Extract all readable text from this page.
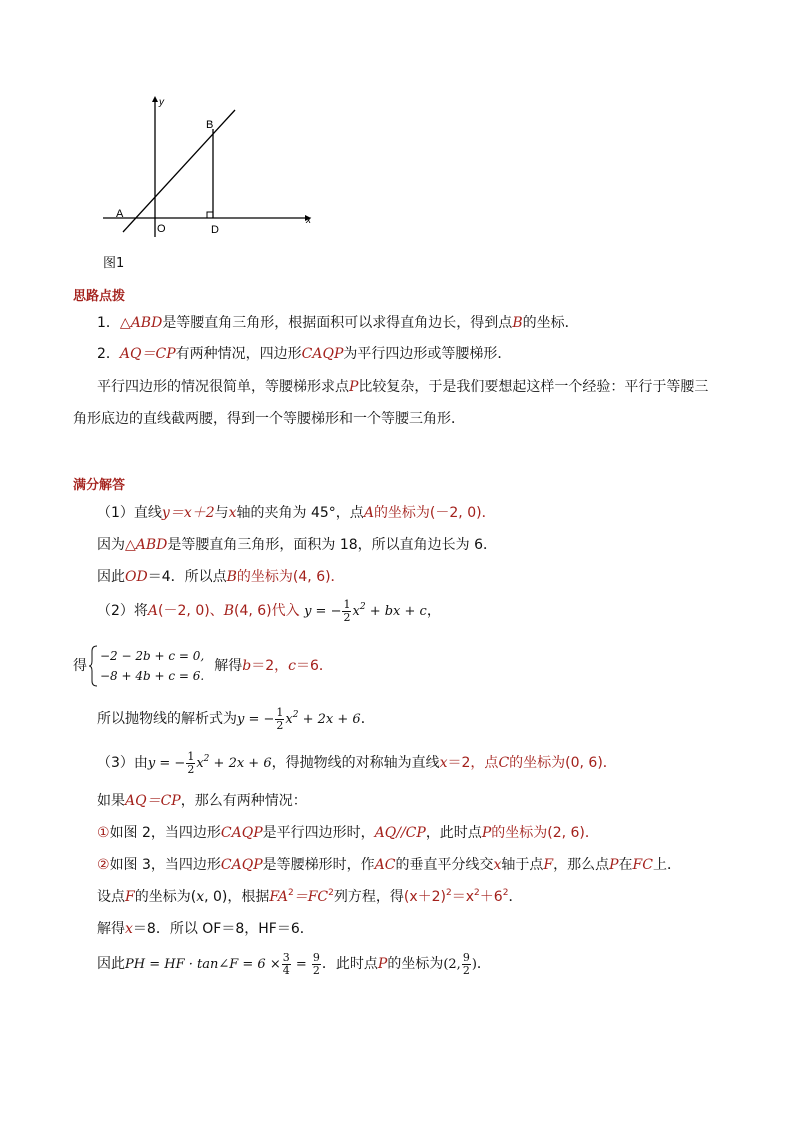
y
x
A
B
O	D
图1
思路点拨
1．△ABD是等腰直角三角形，根据面积可以求得直角边长，得到点B的坐标．
2．AQ＝CP有两种情况，四边形CAQP为平行四边形或等腰梯形．
平行四边形的情况很简单，等腰梯形求点P比较复杂，于是我们要想起这样一个经验：平行于等腰三
角形底边的直线截两腰，得到一个等腰梯形和一个等腰三角形．
满分解答
（1）直线y＝x＋2与x轴的夹角为 45°，点A的坐标为(－2, 0)．
因为△ABD是等腰直角三角形，面积为 18，所以直角边长为 6．
因此OD＝4．所以点B的坐标为(4, 6)．
（2）将A(－2, 0)、B(4, 6)代入 y = − $\frac{1}{2} x^2$ + bx + c，
得
−2 − 2b + c = 0,
−8 + 4b + c = 6.
解得b＝2，c＝6．
所以抛物线的解析式为y = − $\frac{1}{2} x^2 + 2x + 6$．
（3）由y = − $\frac{1}{2} x^2 + 2x + 6$，得抛物线的对称轴为直线x＝2，点C的坐标为(0, 6)．
如果AQ＝CP，那么有两种情况：
①如图 2，当四边形CAQP是平行四边形时，AQ//CP，此时点P的坐标为(2, 6)．
②如图 3，当四边形CAQP是等腰梯形时，作AC的垂直平分线交x轴于点F，那么点P在FC上．
设点F的坐标为(x, 0)，根据$FA^2=FC^2$列方程，得$(x+2)^2=x^2+6^2$．
解得x＝8．所以 OF＝8，HF＝6．
因此PH = HF · tan∠F = $6 \times \frac{3}{4} = \frac{9}{2}$ ．此时点P的坐标为(2, $\frac{9}{2}$ )．
